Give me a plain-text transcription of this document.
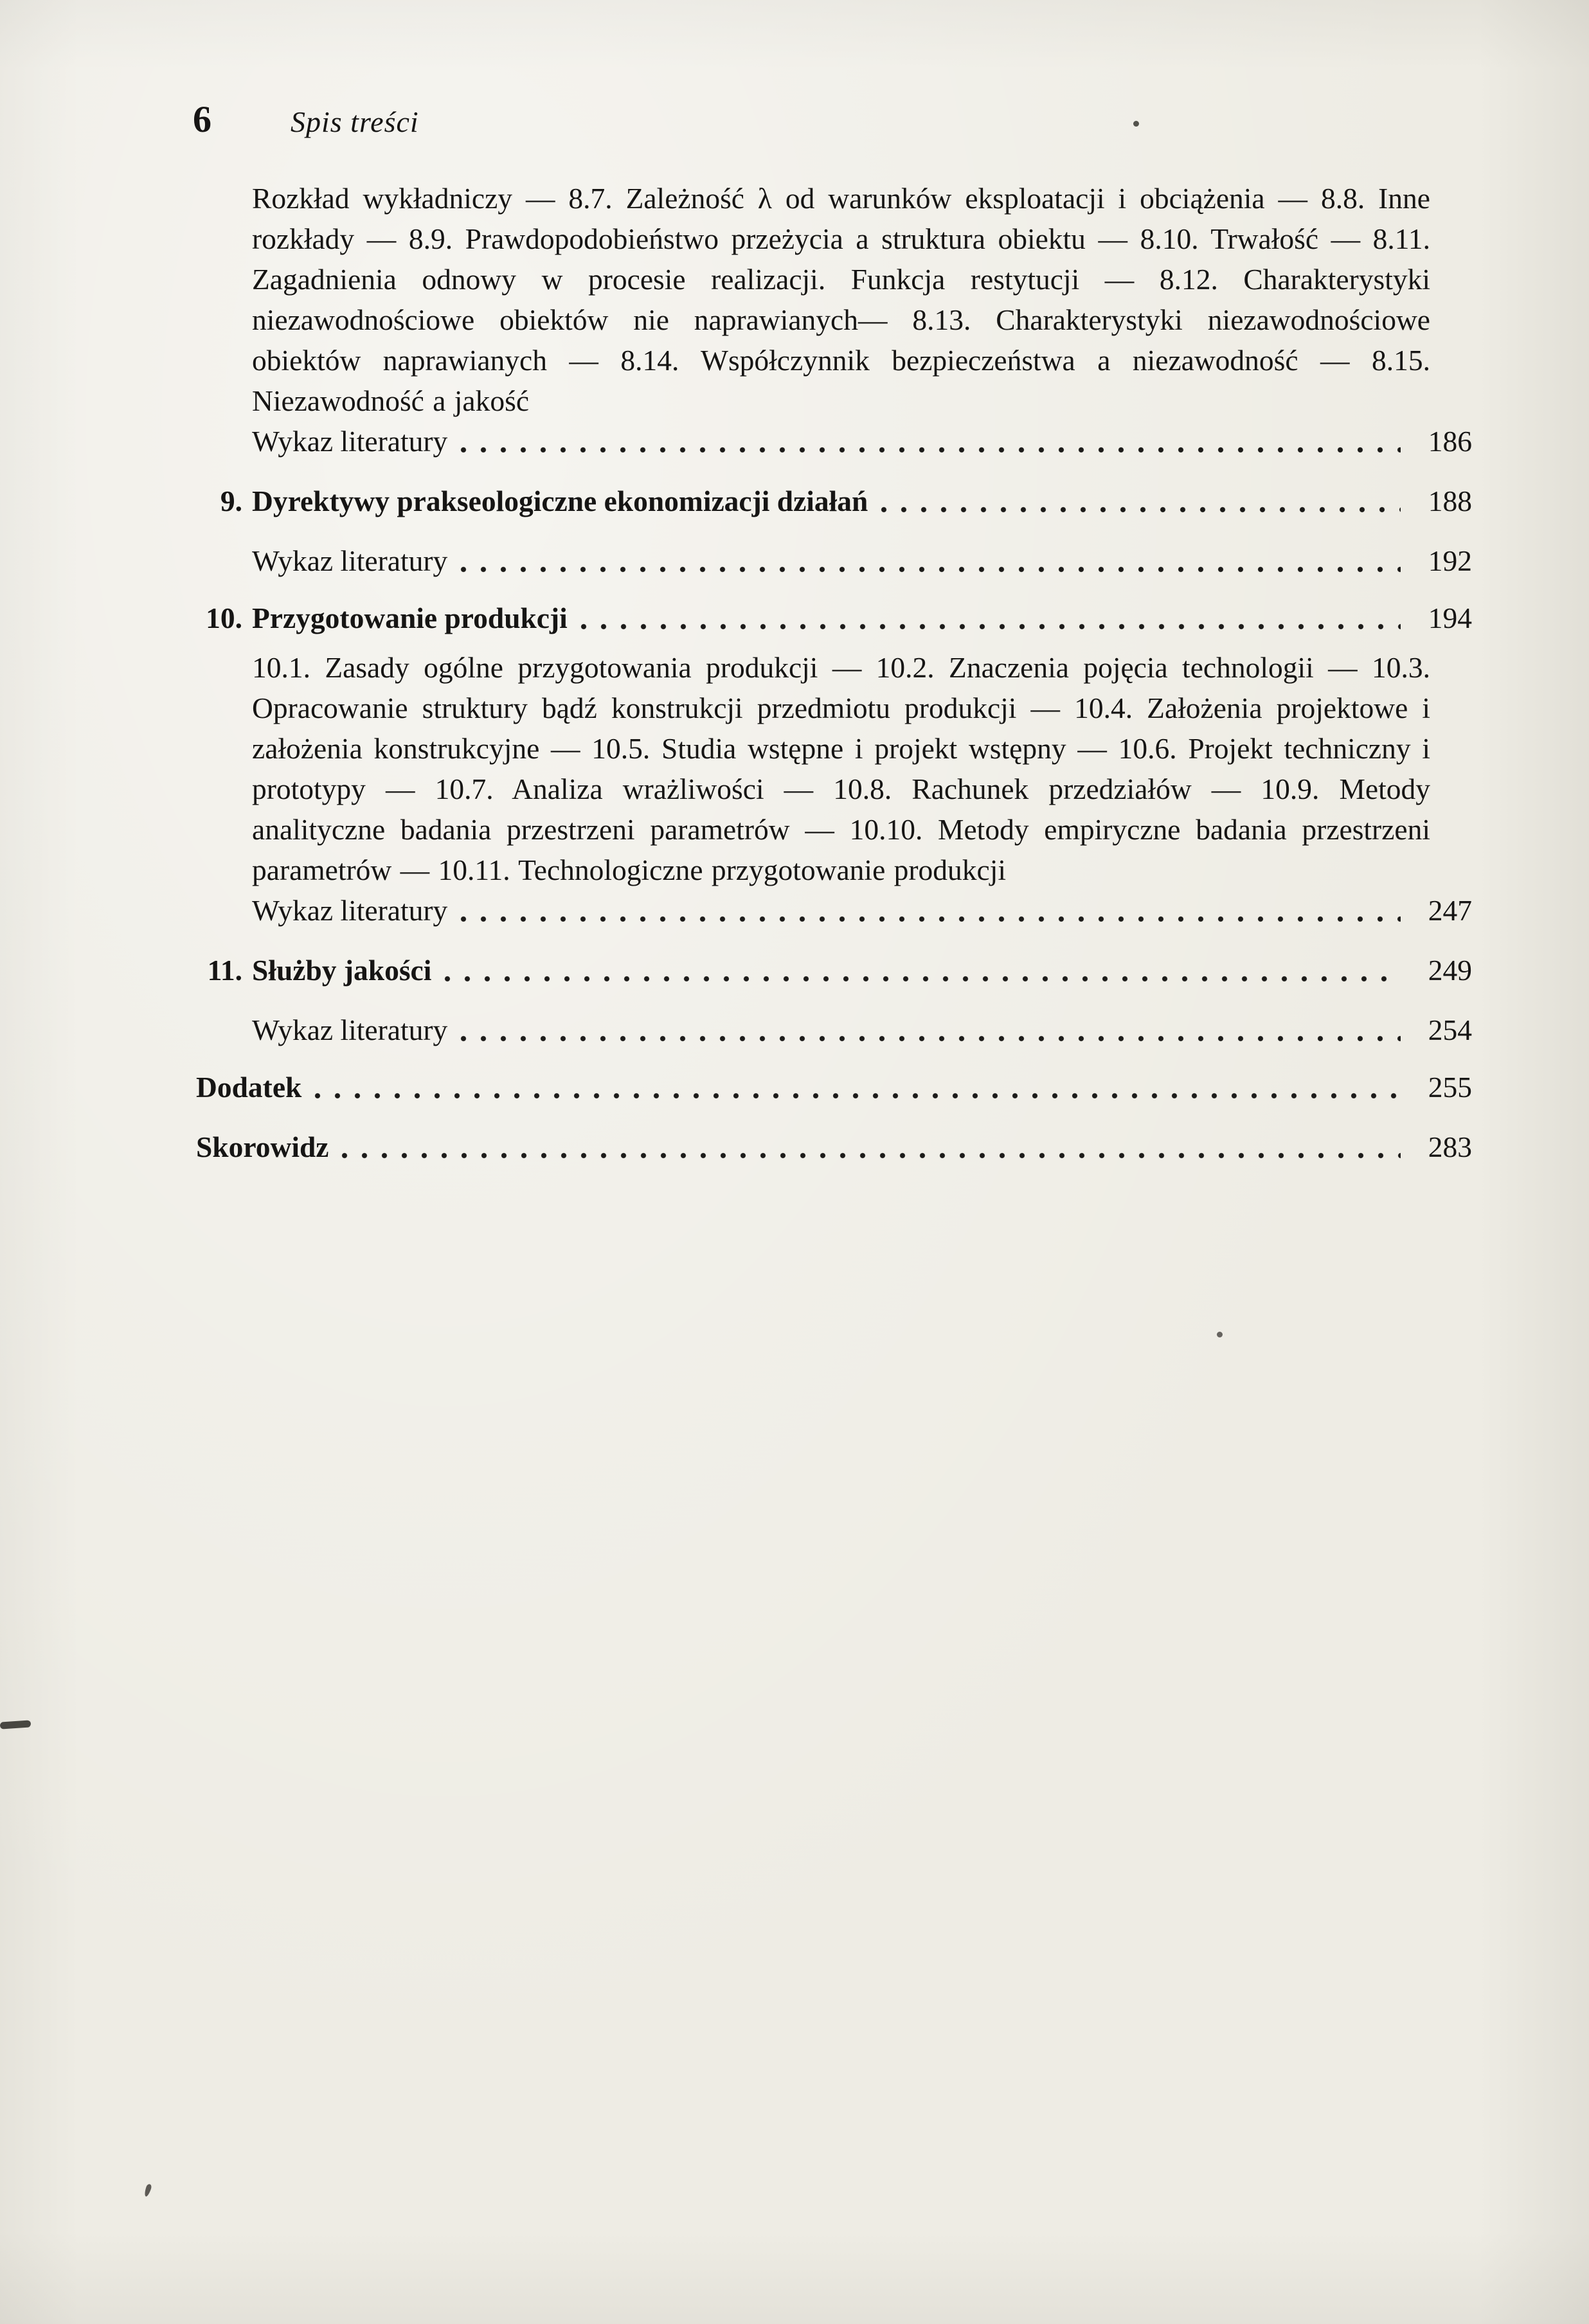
6	Spis treści

Rozkład wykładniczy — 8.7. Zależność λ od warunków eksploatacji i obciążenia — 8.8. Inne rozkłady — 8.9. Prawdopodobieństwo przeżycia a struktura obiektu — 8.10. Trwałość — 8.11. Zagadnienia odnowy w procesie realizacji. Funkcja restytucji — 8.12. Charakterystyki niezawodnościowe obiektów nie naprawianych— 8.13. Charakterystyki niezawodnościowe obiektów naprawianych — 8.14. Współczynnik bezpieczeństwa a niezawodność — 8.15. Niezawodność a jakość

Wykaz literatury	186
9. Dyrektywy prakseologiczne ekonomizacji działań	188
Wykaz literatury	192
10. Przygotowanie produkcji	194

10.1. Zasady ogólne przygotowania produkcji — 10.2. Znaczenia pojęcia technologii — 10.3. Opracowanie struktury bądź konstrukcji przedmiotu produkcji — 10.4. Założenia projektowe i założenia konstrukcyjne — 10.5. Studia wstępne i projekt wstępny — 10.6. Projekt techniczny i prototypy — 10.7. Analiza wrażliwości — 10.8. Rachunek przedziałów — 10.9. Metody analityczne badania przestrzeni parametrów — 10.10. Metody empiryczne badania przestrzeni parametrów — 10.11. Technologiczne przygotowanie produkcji

Wykaz literatury	247
11. Służby jakości	249
Wykaz literatury	254
Dodatek	255
Skorowidz	283
